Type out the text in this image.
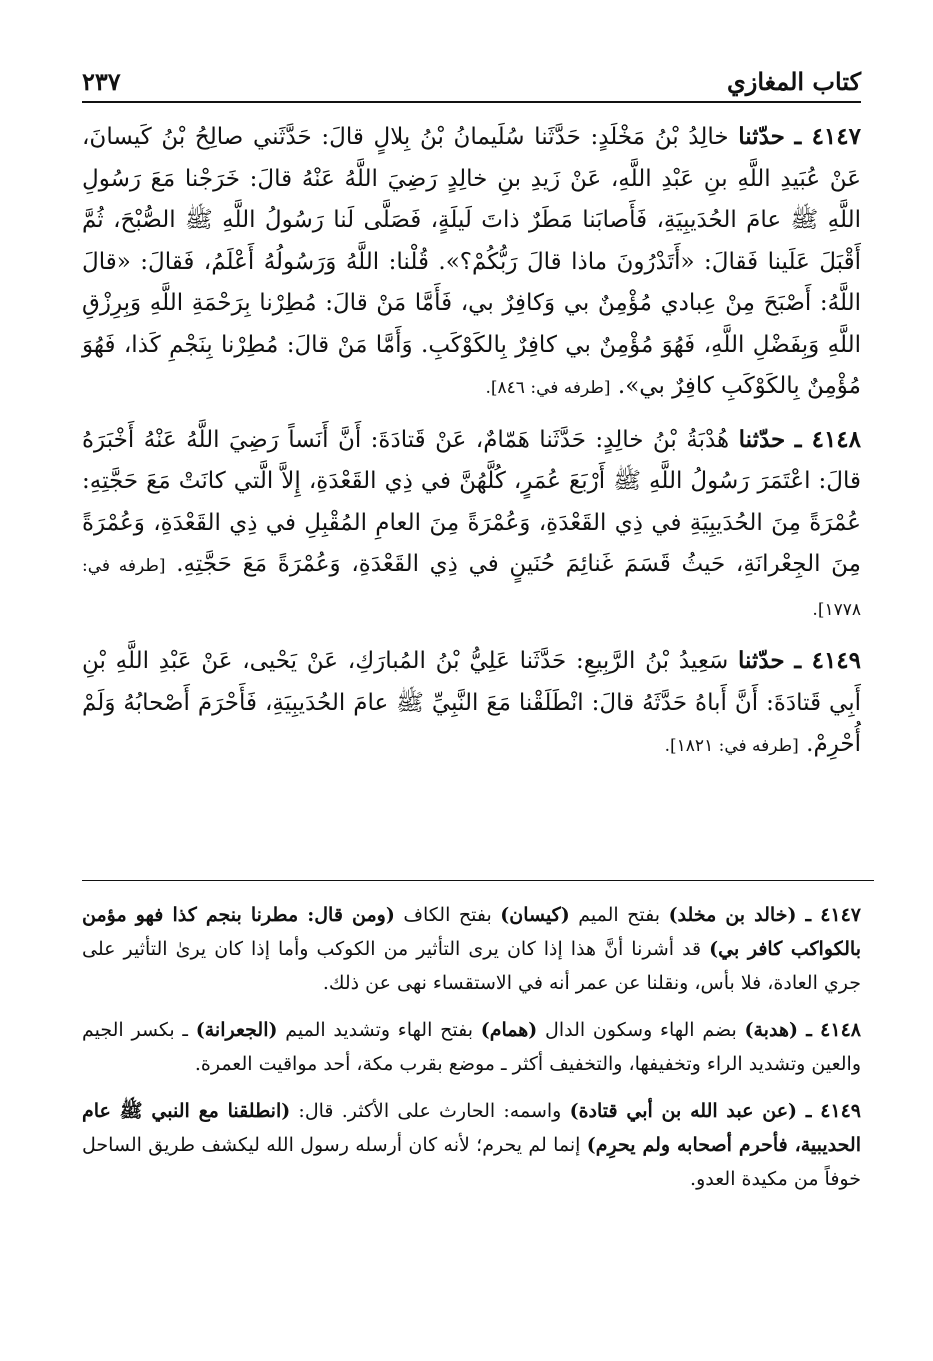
كتاب المغازي
٢٣٧

٤١٤٧ ـ حدّثنا خالِدُ بْنُ مَخْلَدٍ: حَدَّثَنا سُلَيمانُ بْنُ بِلالٍ قالَ: حَدَّثَني صالِحُ بْنُ كَيسانَ، عَنْ عُبَيدِ اللَّهِ بنِ عَبْدِ اللَّهِ، عَنْ زَيدِ بنِ خالِدٍ رَضِيَ اللَّهُ عَنْهُ قالَ: خَرَجْنا مَعَ رَسُولِ اللَّهِ ﷺ عامَ الحُدَيبِيَةِ، فَأَصابَنا مَطَرٌ ذاتَ لَيلَةٍ، فَصَلَّى لَنا رَسُولُ اللَّهِ ﷺ الصُّبْحَ، ثُمَّ أَقْبَلَ عَلَينا فَقالَ: «أَتَدْرُونَ ماذا قالَ رَبُّكُمْ؟». قُلْنا: اللَّهُ وَرَسُولُهُ أَعْلَمُ، فَقالَ: «قالَ اللَّهُ: أَصْبَحَ مِنْ عِبادي مُؤْمِنٌ بي وَكافِرٌ بي، فَأَمَّا مَنْ قالَ: مُطِرْنا بِرَحْمَةِ اللَّهِ وَبِرِزْقِ اللَّهِ وَبِفَضْلِ اللَّهِ، فَهُوَ مُؤْمِنٌ بي كافِرٌ بِالكَوْكَبِ. وَأَمَّا مَنْ قالَ: مُطِرْنا بِنَجْمِ كَذا، فَهُوَ مُؤْمِنٌ بِالكَوْكَبِ كافِرٌ بي». [طرفه في: ٨٤٦].

٤١٤٨ ـ حدّثنا هُدْبَةُ بْنُ خالِدٍ: حَدَّثَنا هَمّامٌ، عَنْ قَتادَةَ: أَنَّ أَنَساً رَضِيَ اللَّهُ عَنْهُ أَخْبَرَهُ قالَ: اعْتَمَرَ رَسُولُ اللَّهِ ﷺ أَرْبَعَ عُمَرٍ، كُلَّهُنَّ في ذِي القَعْدَةِ، إِلاَّ الَّتي كانَتْ مَعَ حَجَّتِهِ: عُمْرَةً مِنَ الحُدَيبِيَةِ في ذِي القَعْدَةِ، وَعُمْرَةً مِنَ العامِ المُقْبِلِ في ذِي القَعْدَةِ، وَعُمْرَةً مِنَ الجِعْرانَةِ، حَيثُ قَسَمَ غَنائِمَ حُنَينٍ في ذِي القَعْدَةِ، وَعُمْرَةً مَعَ حَجَّتِهِ. [طرفه في: ١٧٧٨].

٤١٤٩ ـ حدّثنا سَعِيدُ بْنُ الرَّبِيعِ: حَدَّثَنا عَلِيُّ بْنُ المُبارَكِ، عَنْ يَحْيى، عَنْ عَبْدِ اللَّهِ بْنِ أَبِي قَتادَةَ: أَنَّ أَباهُ حَدَّثَهُ قالَ: انْطَلَقْنا مَعَ النَّبِيِّ ﷺ عامَ الحُدَيبِيَةِ، فَأَحْرَمَ أَصْحابُهُ وَلَمْ أُحْرِمْ. [طرفه في: ١٨٢١].

٤١٤٧ ـ (خالد بن مخلد) بفتح الميم (كيسان) بفتح الكاف (ومن قال: مطرنا بنجم كذا فهو مؤمن بالكواكب كافر بي) قد أشرنا أنَّ هذا إذا كان يرى التأثير من الكوكب وأما إذا كان يرىٰ التأثير على جري العادة، فلا بأس، ونقلنا عن عمر أنه في الاستقساء نهى عن ذلك.

٤١٤٨ ـ (هدبة) بضم الهاء وسكون الدال (همام) بفتح الهاء وتشديد الميم (الجعرانة) ـ بكسر الجيم والعين وتشديد الراء وتخفيفها، والتخفيف أكثر ـ موضع بقرب مكة، أحد مواقيت العمرة.

٤١٤٩ ـ (عن عبد الله بن أبي قتادة) واسمه: الحارث على الأكثر. قال: (انطلقنا مع النبي ﷺ عام الحديبية، فأحرم أصحابه ولم يحرِم) إنما لم يحرم؛ لأنه كان أرسله رسول الله ليكشف طريق الساحل خوفاً من مكيدة العدو.
